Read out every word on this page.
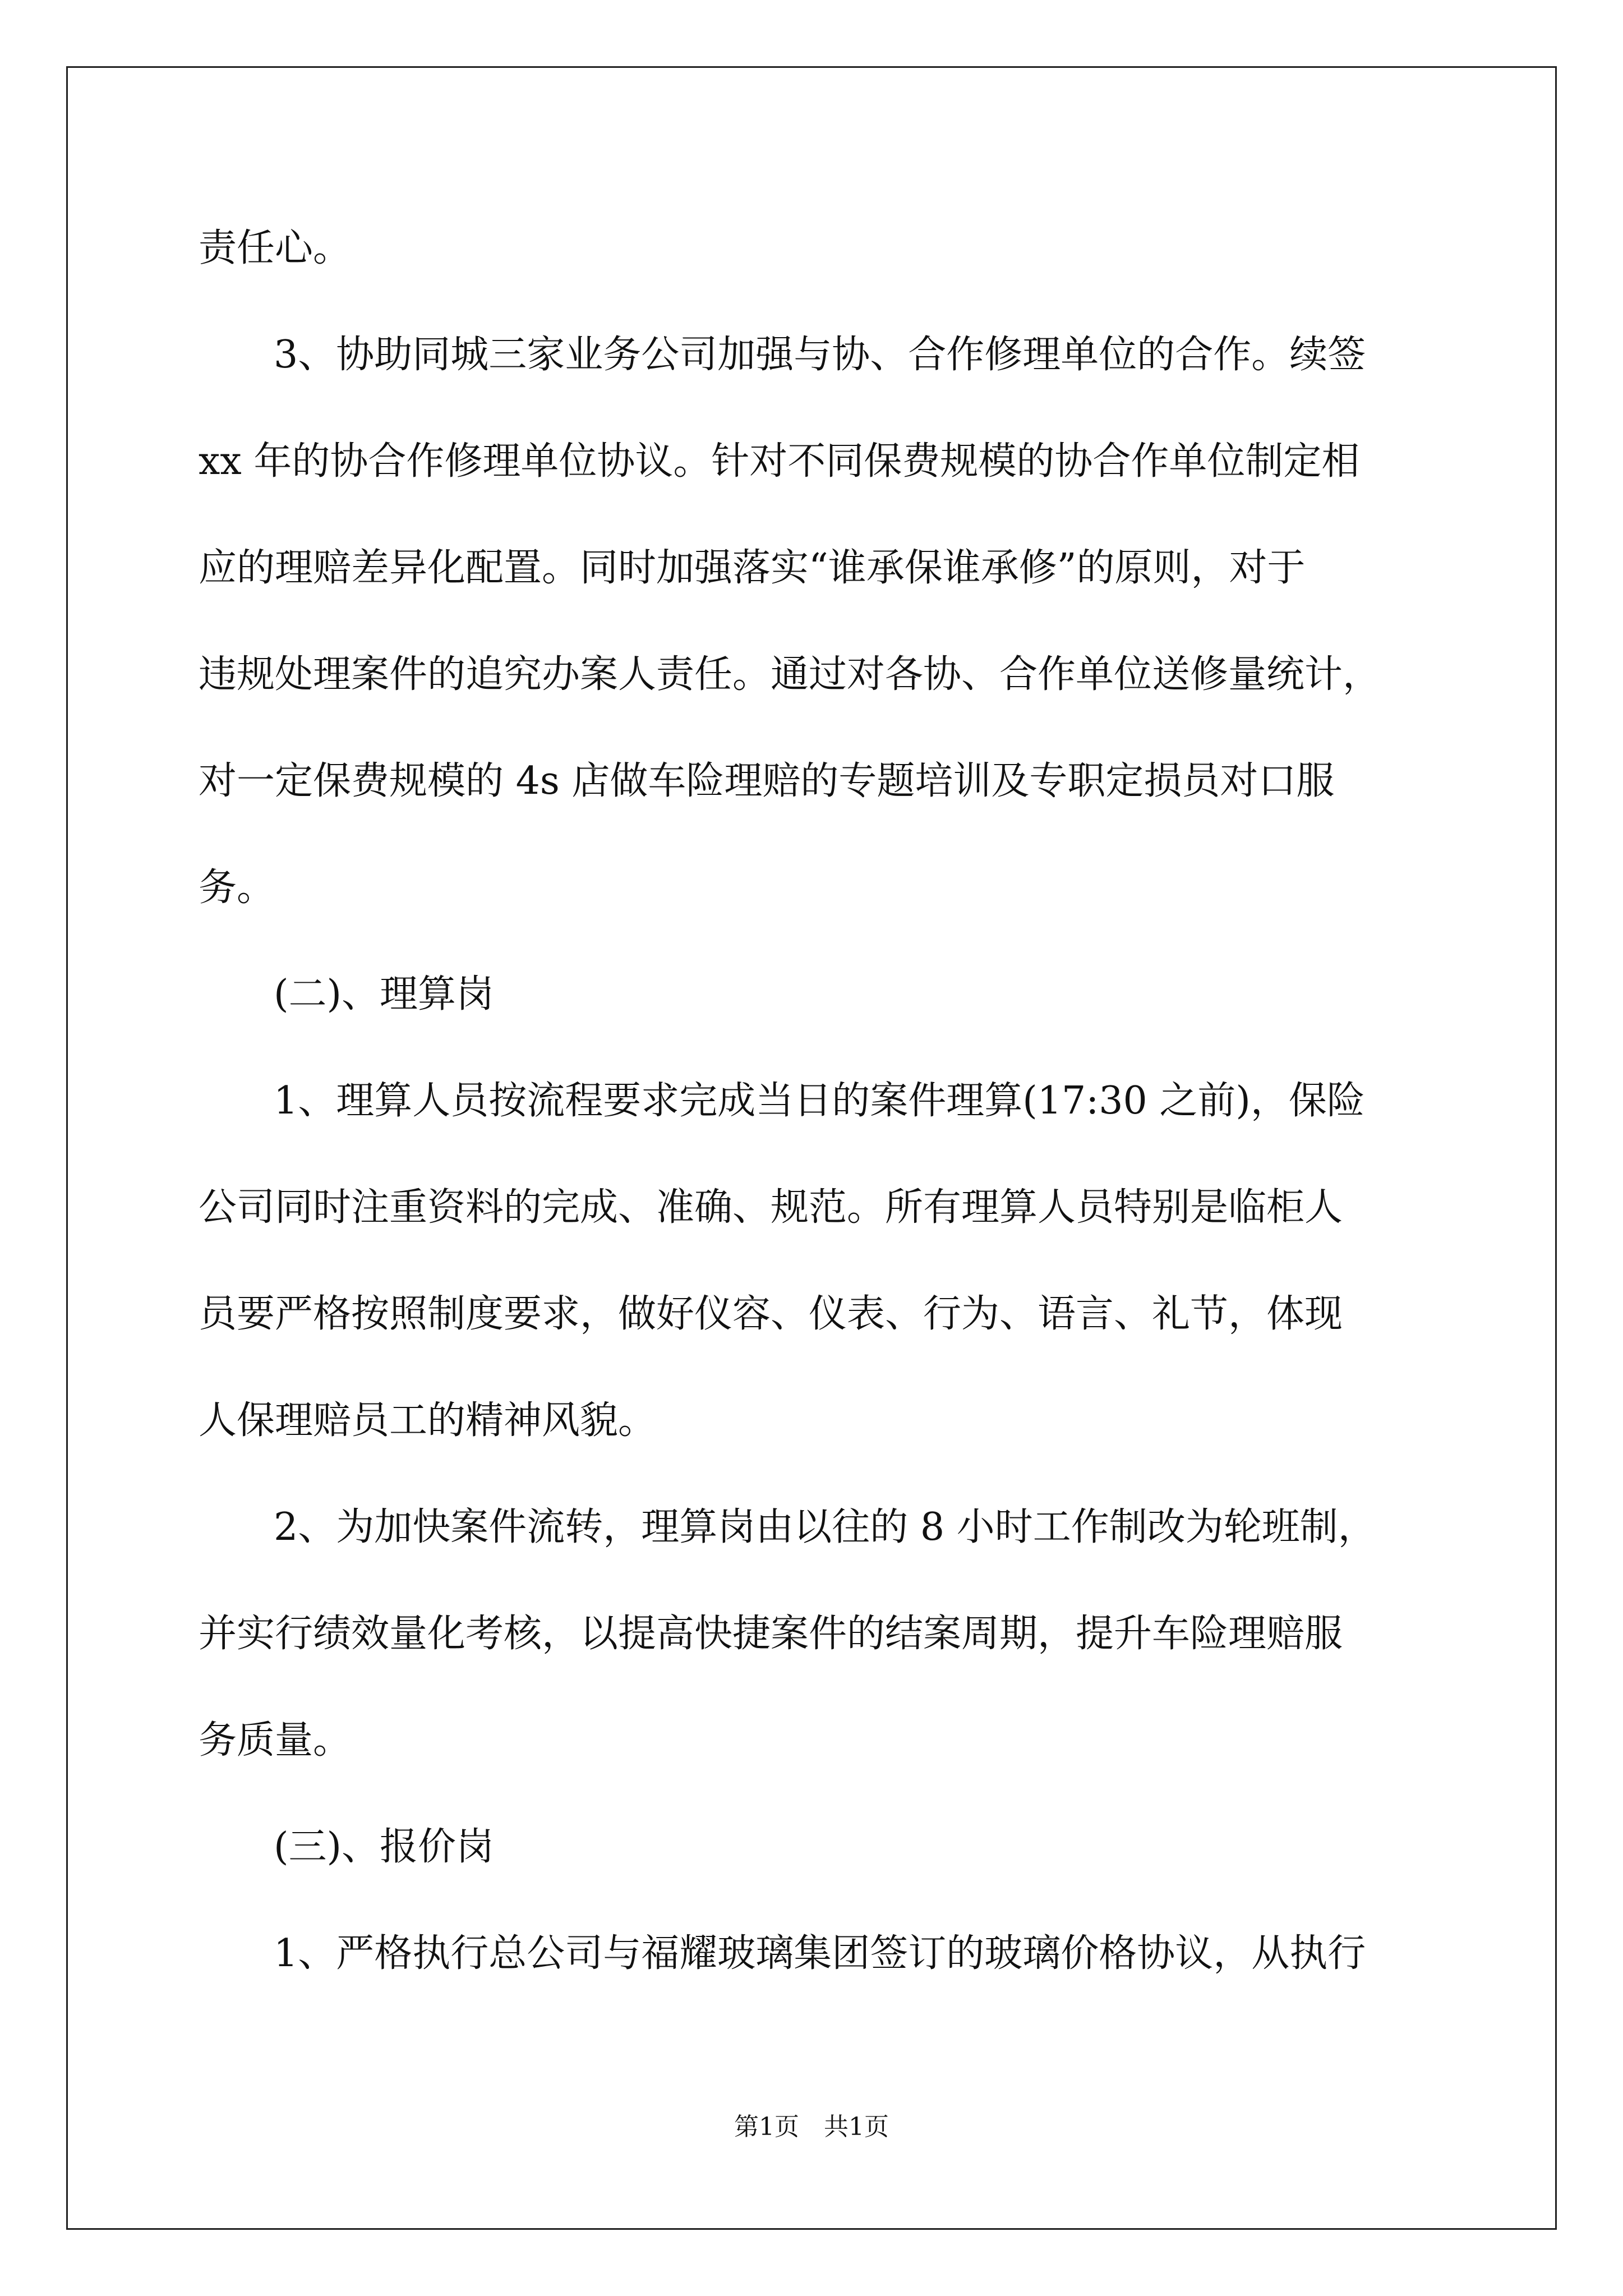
责任心。
3、协助同城三家业务公司加强与协、合作修理单位的合作。续签
xx 年的协合作修理单位协议。针对不同保费规模的协合作单位制定相
应的理赔差异化配置。同时加强落实“谁承保谁承修”的原则，对于
违规处理案件的追究办案人责任。通过对各协、合作单位送修量统计，
对一定保费规模的 4s 店做车险理赔的专题培训及专职定损员对口服
务。
(二)、理算岗
1、理算人员按流程要求完成当日的案件理算(17:30 之前)，保险
公司同时注重资料的完成、准确、规范。所有理算人员特别是临柜人
员要严格按照制度要求，做好仪容、仪表、行为、语言、礼节，体现
人保理赔员工的精神风貌。
2、为加快案件流转，理算岗由以往的 8 小时工作制改为轮班制，
并实行绩效量化考核，以提高快捷案件的结案周期，提升车险理赔服
务质量。
(三)、报价岗
1、严格执行总公司与福耀玻璃集团签订的玻璃价格协议，从执行
第1页　共1页
